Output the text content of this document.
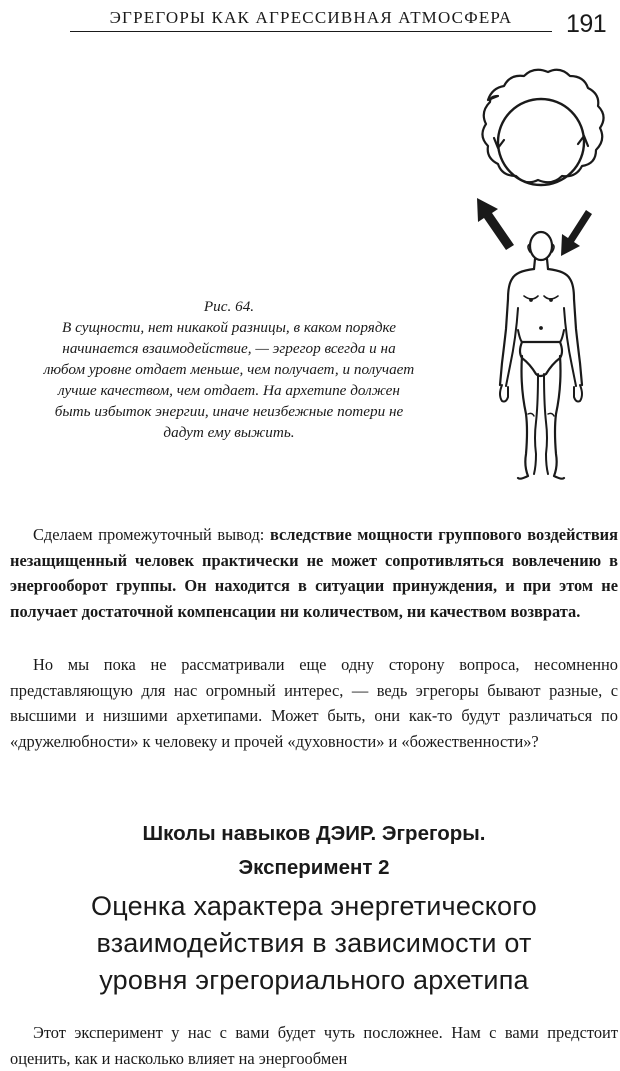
ЭГРЕГОРЫ КАК АГРЕССИВНАЯ АТМОСФЕРА	191
Рис. 64.
В сущности, нет никакой разницы, в каком порядке начинается взаимодействие, — эгрегор всегда и на любом уровне отдает меньше, чем получает, и получает лучше качеством, чем отдает. На архетипе должен быть избыток энергии, иначе неизбежные потери не дадут ему выжить.
Сделаем промежуточный вывод: вследствие мощности группового воздействия незащищенный человек практически не может сопротивляться вовлечению в энергооборот группы. Он находится в ситуации принуждения, и при этом не получает достаточной компенсации ни количеством, ни качеством возврата.
Но мы пока не рассматривали еще одну сторону вопроса, несомненно представляющую для нас огромный интерес, — ведь эгрегоры бывают разные, с высшими и низшими архетипами. Может быть, они как-то будут различаться по «дружелюбности» к человеку и прочей «духовности» и «божественности»?
Школы навыков ДЭИР. Эгрегоры.
Эксперимент 2
Оценка характера энергетического
взаимодействия в зависимости от
уровня эгрегориального архетипа
Этот эксперимент у нас с вами будет чуть посложнее. Нам с вами предстоит оценить, как и насколько влияет на энергообмен
